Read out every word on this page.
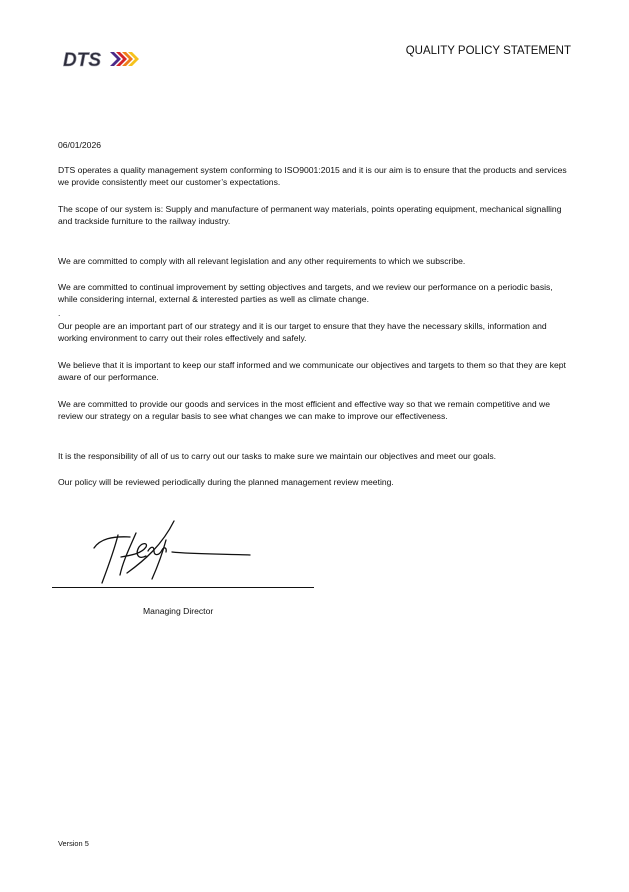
DTS	QUALITY POLICY STATEMENT
06/01/2026
DTS operates a quality management system conforming to ISO9001:2015 and it is our aim is to ensure that the products and services we provide consistently meet our customer’s expectations.
The scope of our system is: Supply and manufacture of permanent way materials, points operating equipment, mechanical signalling and trackside furniture to the railway industry.
We are committed to comply with all relevant legislation and any other requirements to which we subscribe.
We are committed to continual improvement by setting objectives and targets, and we review our performance on a periodic basis, while considering internal, external & interested parties as well as climate change.
.
Our people are an important part of our strategy and it is our target to ensure that they have the necessary skills, information and working environment to carry out their roles effectively and safely.
We believe that it is important to keep our staff informed and we communicate our objectives and targets to them so that they are kept aware of our performance.
We are committed to provide our goods and services in the most efficient and effective way so that we remain competitive and we review our strategy on a regular basis to see what changes we can make to improve our effectiveness.
It is the responsibility of all of us to carry out our tasks to make sure we maintain our objectives and meet our goals.
Our policy will be reviewed periodically during the planned management review meeting.
Managing Director
Version 5
